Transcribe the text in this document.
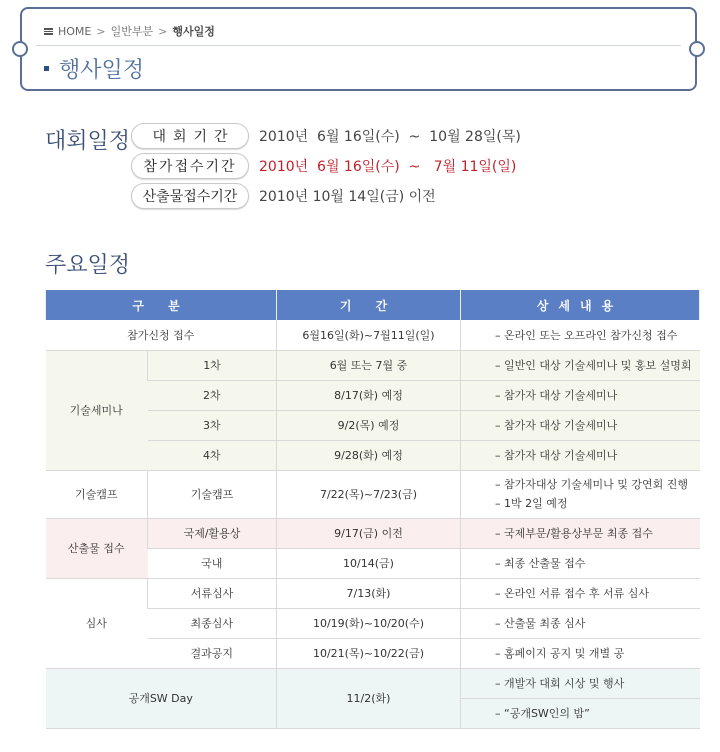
HOME > 일반부분 > 행사일정
행사일정
대회일정	대회기간	2010년  6월 16일(수)  ~  10월 28일(목)
참가접수기간	2010년  6월 16일(수)  ~   7월 11일(일)
산출물접수기간	2010년 10월 14일(금) 이전
주요일정
구 분		기 간	상세내용
참가신청 접수		6월16일(화)~7월11일(일)	– 온라인 또는 오프라인 참가신청 접수
기술세미나	1차	6월 또는 7월 중	– 일반인 대상 기술세미나 및 홍보 설명회
	2차	8/17(화) 예정	– 참가자 대상 기술세미나
	3차	9/2(목) 예정	– 참가자 대상 기술세미나
	4차	9/28(화) 예정	– 참가자 대상 기술세미나
기술캠프	기술캠프	7/22(목)~7/23(금)	– 참가자대상 기술세미나 및 강연회 진행
– 1박 2일 예정

산출물 접수	국제/활용상	9/17(금) 이전	– 국제부문/활용상부문 최종 접수
	국내	10/14(금)	– 최종 산출물 접수
심사	서류심사	7/13(화)	– 온라인 서류 접수 후 서류 심사
	최종심사	10/19(화)~10/20(수)	– 산출물 최종 심사
	결과공지	10/21(목)~10/22(금)	– 홈페이지 공지 및 개별 공
공개SW Day		11/2(화)	– 개발자 대회 시상 및 행사
			– “공개SW인의 밤”
